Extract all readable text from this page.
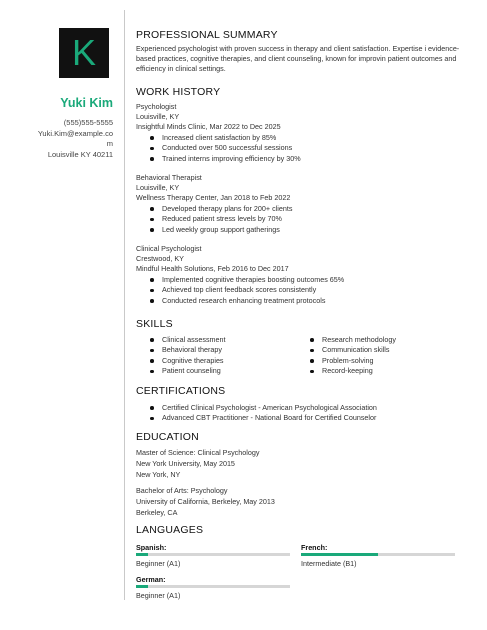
K
Yuki Kim
(555)555-5555
Yuki.Kim@example.co
m
Louisville KY 40211
PROFESSIONAL SUMMARY
Experienced psychologist with proven success in therapy and client satisfaction. Expertise i evidence-based practices, cognitive therapies, and client counseling, known for improvin patient outcomes and efficiency in clinical settings.
WORK HISTORY
Psychologist
Louisville, KY
Insightful Minds Clinic, Mar 2022 to Dec 2025
Increased client satisfaction by 85%
Conducted over 500 successful sessions
Trained interns improving efficiency by 30%
Behavioral Therapist
Louisville, KY
Wellness Therapy Center, Jan 2018 to Feb 2022
Developed therapy plans for 200+ clients
Reduced patient stress levels by 70%
Led weekly group support gatherings
Clinical Psychologist
Crestwood, KY
Mindful Health Solutions, Feb 2016 to Dec 2017
Implemented cognitive therapies boosting outcomes 65%
Achieved top client feedback scores consistently
Conducted research enhancing treatment protocols
SKILLS
Clinical assessment
Behavioral therapy
Cognitive therapies
Patient counseling
Research methodology
Communication skills
Problem-solving
Record-keeping
CERTIFICATIONS
Certified Clinical Psychologist - American Psychological Association
Advanced CBT Practitioner - National Board for Certified Counselor
EDUCATION
Master of Science: Clinical Psychology
New York University, May 2015
New York, NY
Bachelor of Arts: Psychology
University of California, Berkeley, May 2013
Berkeley, CA
LANGUAGES
Spanish:
Beginner (A1)
French:
Intermediate (B1)
German:
Beginner (A1)
